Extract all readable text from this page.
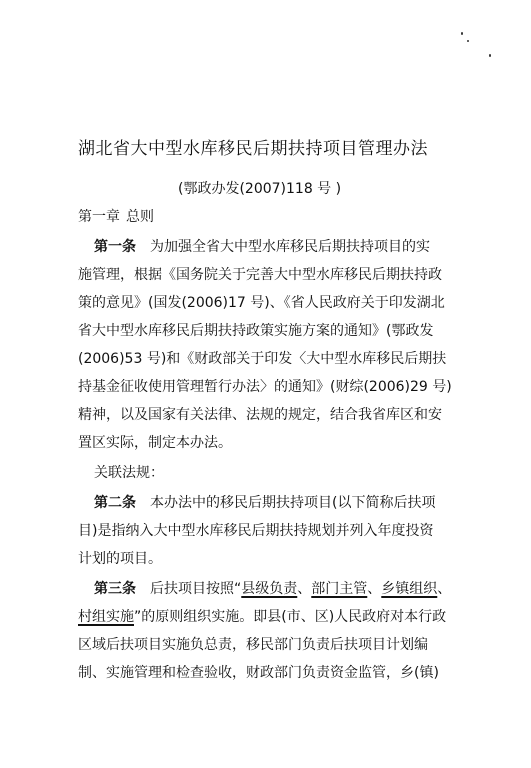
湖北省大中型水库移民后期扶持项目管理办法
(鄂政办发(2007)118 号 )
第一章 总则
第一条 为加强全省大中型水库移民后期扶持项目的实
施管理，根据《国务院关于完善大中型水库移民后期扶持政
策的意见》(国发(2006)17 号)、《省人民政府关于印发湖北
省大中型水库移民后期扶持政策实施方案的通知》(鄂政发
(2006)53 号)和《财政部关于印发〈大中型水库移民后期扶
持基金征收使用管理暂行办法〉的通知》(财综(2006)29 号)
精神，以及国家有关法律、法规的规定，结合我省库区和安
置区实际，制定本办法。
关联法规：
第二条 本办法中的移民后期扶持项目(以下简称后扶项
目)是指纳入大中型水库移民后期扶持规划并列入年度投资
计划的项目。
第三条 后扶项目按照“县级负责、部门主管、乡镇组织、
村组实施”的原则组织实施。即县(市、区)人民政府对本行政
区域后扶项目实施负总责，移民部门负责后扶项目计划编
制、实施管理和检查验收，财政部门负责资金监管，乡(镇)
